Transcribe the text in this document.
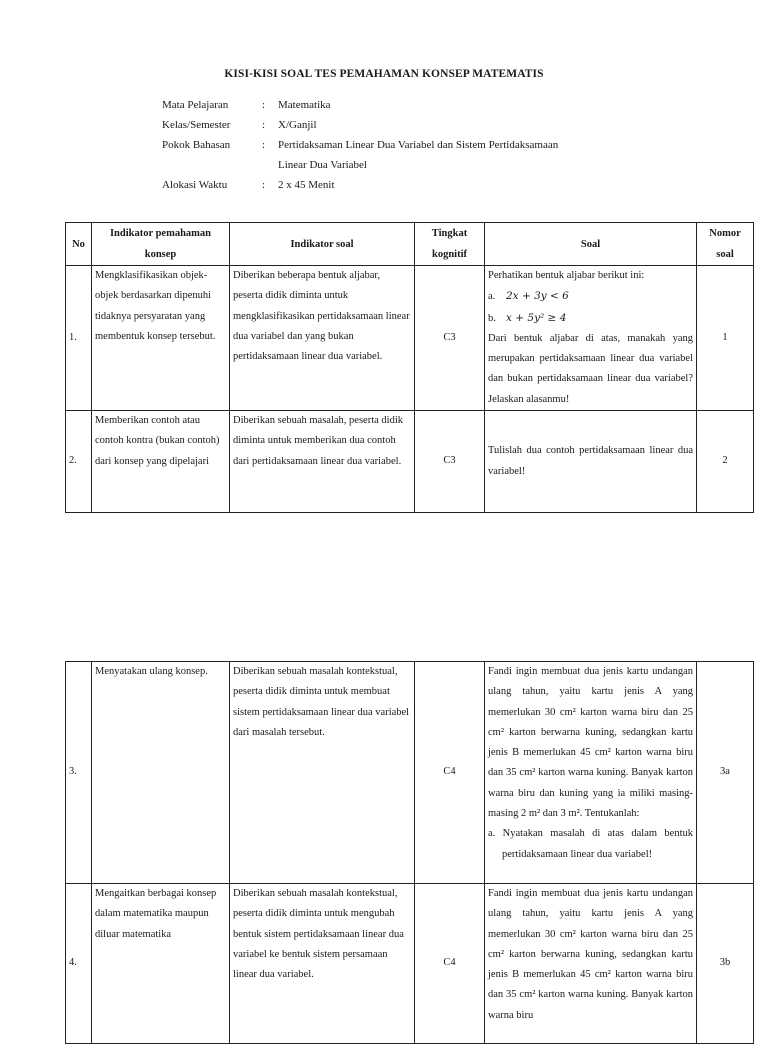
KISI-KISI SOAL TES PEMAHAMAN KONSEP MATEMATIS
Mata Pelajaran	:	Matematika
Kelas/Semester	:	X/Ganjil
Pokok Bahasan	:	Pertidaksaman Linear Dua Variabel dan Sistem Pertidaksamaan
Linear Dua Variabel
Alokasi Waktu	:	2 x 45 Menit
No	Indikator pemahaman konsep	Indikator soal	Tingkat kognitif	Soal	Nomor soal
1.	Mengklasifikasikan objek-objek berdasarkan dipenuhi tidaknya persyaratan yang membentuk konsep tersebut.	Diberikan beberapa bentuk aljabar, peserta didik diminta untuk mengklasifikasikan pertidaksamaan linear dua variabel dan yang bukan pertidaksamaan linear dua variabel.	C3	Perhatikan bentuk aljabar berikut ini:
a. 2x + 3y < 6
b. x + 5y² ≥ 4
Dari bentuk aljabar di atas, manakah yang merupakan pertidaksamaan linear dua variabel dan bukan pertidaksamaan linear dua variabel? Jelaskan alasanmu!	1
2.	Memberikan contoh atau contoh kontra (bukan contoh) dari konsep yang dipelajari	Diberikan sebuah masalah, peserta didik diminta untuk memberikan dua contoh dari pertidaksamaan linear dua variabel.	C3	Tulislah dua contoh pertidaksamaan linear dua variabel!	2
3.	Menyatakan ulang konsep.	Diberikan sebuah masalah kontekstual, peserta didik diminta untuk membuat sistem pertidaksamaan linear dua variabel dari masalah tersebut.	C4	Fandi ingin membuat dua jenis kartu undangan ulang tahun, yaitu kartu jenis A yang memerlukan 30 cm² karton warna biru dan 25 cm² karton berwarna kuning, sedangkan kartu jenis B memerlukan 45 cm² karton warna biru dan 35 cm² karton warna kuning. Banyak karton warna biru dan kuning yang ia miliki masing-masing 2 m² dan 3 m². Tentukanlah:
a. Nyatakan masalah di atas dalam bentuk pertidaksamaan linear dua variabel!	3a
4.	Mengaitkan berbagai konsep dalam matematika maupun diluar matematika	Diberikan sebuah masalah kontekstual, peserta didik diminta untuk mengubah bentuk sistem pertidaksamaan linear dua variabel ke bentuk sistem persamaan linear dua variabel.	C4	Fandi ingin membuat dua jenis kartu undangan ulang tahun, yaitu kartu jenis A yang memerlukan 30 cm² karton warna biru dan 25 cm² karton berwarna kuning, sedangkan kartu jenis B memerlukan 45 cm² karton warna biru dan 35 cm² karton warna kuning. Banyak karton warna biru	3b
